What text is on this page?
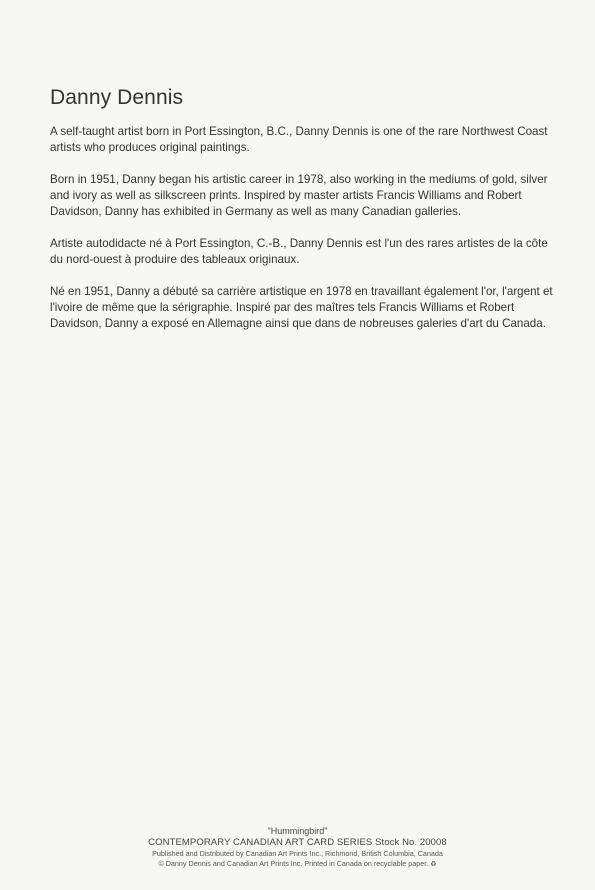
Danny Dennis

A self-taught artist born in Port Essington, B.C., Danny Dennis is one of the rare Northwest Coast artists who produces original paintings.

Born in 1951, Danny began his artistic career in 1978, also working in the mediums of gold, silver and ivory as well as silkscreen prints. Inspired by master artists Francis Williams and Robert Davidson, Danny has exhibited in Germany as well as many Canadian galleries.

Artiste autodidacte né à Port Essington, C.-B., Danny Dennis est l'un des rares artistes de la côte du nord-ouest à produire des tableaux originaux.

Né en 1951, Danny a débuté sa carrière artistique en 1978 en travaillant également l'or, l'argent et l'ivoire de même que la sérigraphie. Inspiré par des maîtres tels Francis Williams et Robert Davidson, Danny a exposé en Allemagne ainsi que dans de nobreuses galeries d'art du Canada.

"Hummingbird"
CONTEMPORARY CANADIAN ART CARD SERIES Stock No. 20008
Published and Distributed by Canadian Art Prints Inc., Richmond, British Columbia, Canada
© Danny Dennis and Canadian Art Prints Inc. Printed in Canada on recyclable paper. ♻
